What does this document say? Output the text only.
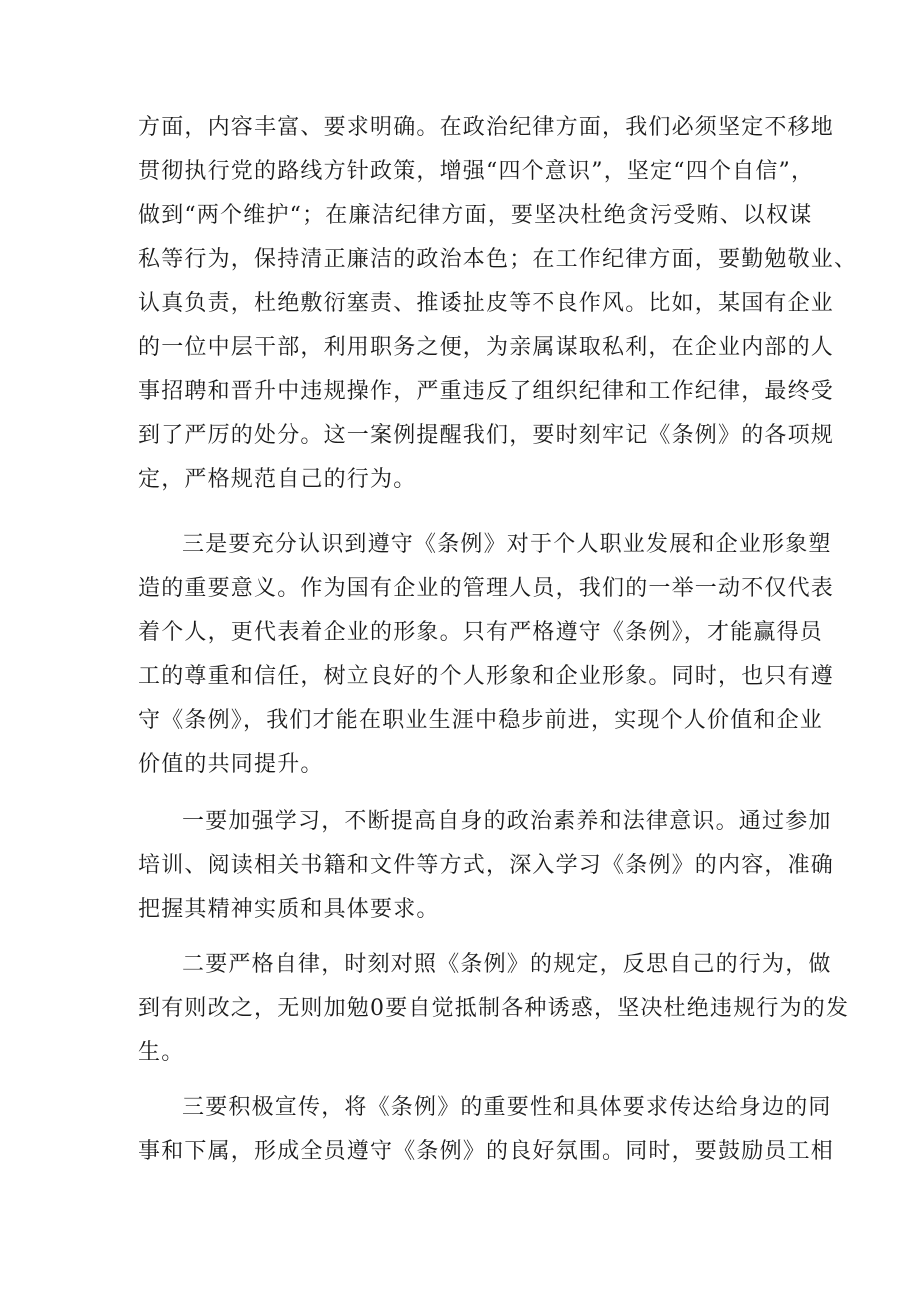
方面，内容丰富、要求明确。在政治纪律方面，我们必须坚定不移地
贯彻执行党的路线方针政策，增强“四个意识”，坚定“四个自信”，
做到“两个维护“；在廉洁纪律方面，要坚决杜绝贪污受贿、以权谋
私等行为，保持清正廉洁的政治本色；在工作纪律方面，要勤勉敬业、
认真负责，杜绝敷衍塞责、推诿扯皮等不良作风。比如，某国有企业
的一位中层干部，利用职务之便，为亲属谋取私利，在企业内部的人
事招聘和晋升中违规操作，严重违反了组织纪律和工作纪律，最终受
到了严厉的处分。这一案例提醒我们，要时刻牢记《条例》的各项规
定，严格规范自己的行为。
三是要充分认识到遵守《条例》对于个人职业发展和企业形象塑
造的重要意义。作为国有企业的管理人员，我们的一举一动不仅代表
着个人，更代表着企业的形象。只有严格遵守《条例》，才能赢得员
工的尊重和信任，树立良好的个人形象和企业形象。同时，也只有遵
守《条例》，我们才能在职业生涯中稳步前进，实现个人价值和企业
价值的共同提升。
一要加强学习，不断提高自身的政治素养和法律意识。通过参加
培训、阅读相关书籍和文件等方式，深入学习《条例》的内容，准确
把握其精神实质和具体要求。
二要严格自律，时刻对照《条例》的规定，反思自己的行为，做
到有则改之，无则加勉0要自觉抵制各种诱惑，坚决杜绝违规行为的发
生。
三要积极宣传，将《条例》的重要性和具体要求传达给身边的同
事和下属，形成全员遵守《条例》的良好氛围。同时，要鼓励员工相
